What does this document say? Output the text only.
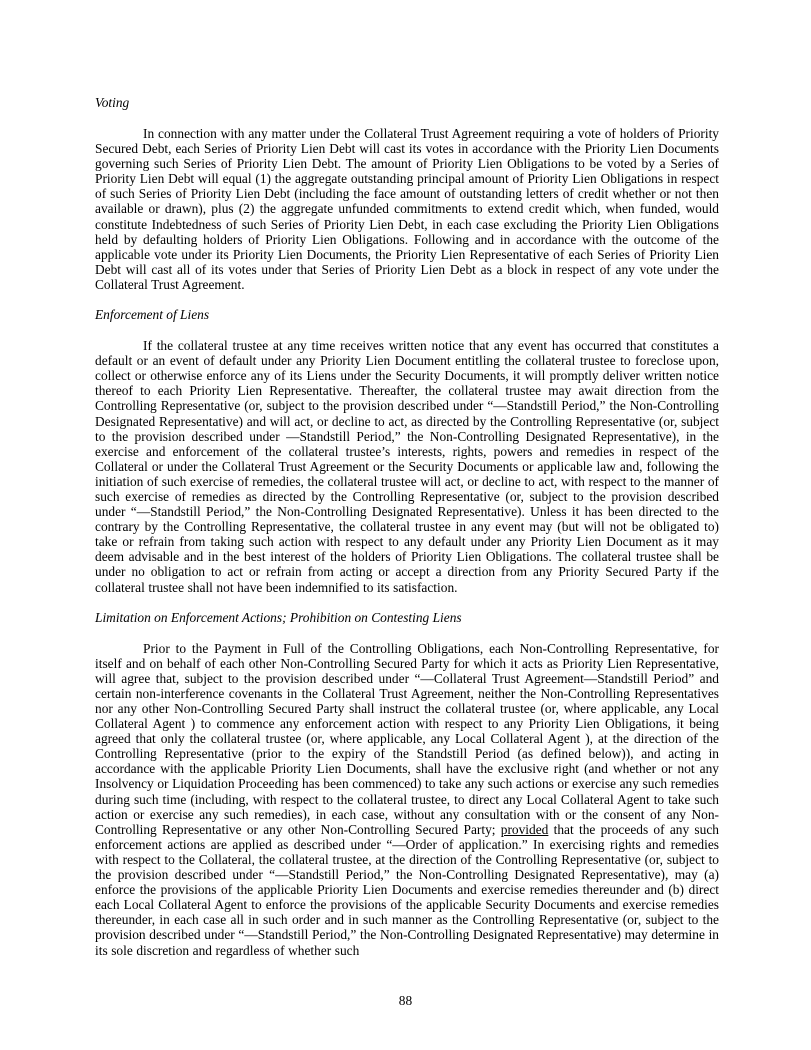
Voting

In connection with any matter under the Collateral Trust Agreement requiring a vote of holders of Priority Secured Debt, each Series of Priority Lien Debt will cast its votes in accordance with the Priority Lien Documents governing such Series of Priority Lien Debt. The amount of Priority Lien Obligations to be voted by a Series of Priority Lien Debt will equal (1) the aggregate outstanding principal amount of Priority Lien Obligations in respect of such Series of Priority Lien Debt (including the face amount of outstanding letters of credit whether or not then available or drawn), plus (2) the aggregate unfunded commitments to extend credit which, when funded, would constitute Indebtedness of such Series of Priority Lien Debt, in each case excluding the Priority Lien Obligations held by defaulting holders of Priority Lien Obligations. Following and in accordance with the outcome of the applicable vote under its Priority Lien Documents, the Priority Lien Representative of each Series of Priority Lien Debt will cast all of its votes under that Series of Priority Lien Debt as a block in respect of any vote under the Collateral Trust Agreement.

Enforcement of Liens

If the collateral trustee at any time receives written notice that any event has occurred that constitutes a default or an event of default under any Priority Lien Document entitling the collateral trustee to foreclose upon, collect or otherwise enforce any of its Liens under the Security Documents, it will promptly deliver written notice thereof to each Priority Lien Representative. Thereafter, the collateral trustee may await direction from the Controlling Representative (or, subject to the provision described under “—Standstill Period,” the Non-Controlling Designated Representative) and will act, or decline to act, as directed by the Controlling Representative (or, subject to the provision described under —Standstill Period,” the Non-Controlling Designated Representative), in the exercise and enforcement of the collateral trustee’s interests, rights, powers and remedies in respect of the Collateral or under the Collateral Trust Agreement or the Security Documents or applicable law and, following the initiation of such exercise of remedies, the collateral trustee will act, or decline to act, with respect to the manner of such exercise of remedies as directed by the Controlling Representative (or, subject to the provision described under “—Standstill Period,” the Non-Controlling Designated Representative). Unless it has been directed to the contrary by the Controlling Representative, the collateral trustee in any event may (but will not be obligated to) take or refrain from taking such action with respect to any default under any Priority Lien Document as it may deem advisable and in the best interest of the holders of Priority Lien Obligations. The collateral trustee shall be under no obligation to act or refrain from acting or accept a direction from any Priority Secured Party if the collateral trustee shall not have been indemnified to its satisfaction.

Limitation on Enforcement Actions; Prohibition on Contesting Liens

Prior to the Payment in Full of the Controlling Obligations, each Non-Controlling Representative, for itself and on behalf of each other Non-Controlling Secured Party for which it acts as Priority Lien Representative, will agree that, subject to the provision described under “—Collateral Trust Agreement—Standstill Period” and certain non-interference covenants in the Collateral Trust Agreement, neither the Non-Controlling Representatives nor any other Non-Controlling Secured Party shall instruct the collateral trustee (or, where applicable, any Local Collateral Agent ) to commence any enforcement action with respect to any Priority Lien Obligations, it being agreed that only the collateral trustee (or, where applicable, any Local Collateral Agent ), at the direction of the Controlling Representative (prior to the expiry of the Standstill Period (as defined below)), and acting in accordance with the applicable Priority Lien Documents, shall have the exclusive right (and whether or not any Insolvency or Liquidation Proceeding has been commenced) to take any such actions or exercise any such remedies during such time (including, with respect to the collateral trustee, to direct any Local Collateral Agent to take such action or exercise any such remedies), in each case, without any consultation with or the consent of any Non-Controlling Representative or any other Non-Controlling Secured Party; provided that the proceeds of any such enforcement actions are applied as described under “—Order of application.” In exercising rights and remedies with respect to the Collateral, the collateral trustee, at the direction of the Controlling Representative (or, subject to the provision described under “—Standstill Period,” the Non-Controlling Designated Representative), may (a) enforce the provisions of the applicable Priority Lien Documents and exercise remedies thereunder and (b) direct each Local Collateral Agent to enforce the provisions of the applicable Security Documents and exercise remedies thereunder, in each case all in such order and in such manner as the Controlling Representative (or, subject to the provision described under “—Standstill Period,” the Non-Controlling Designated Representative) may determine in its sole discretion and regardless of whether such

88
